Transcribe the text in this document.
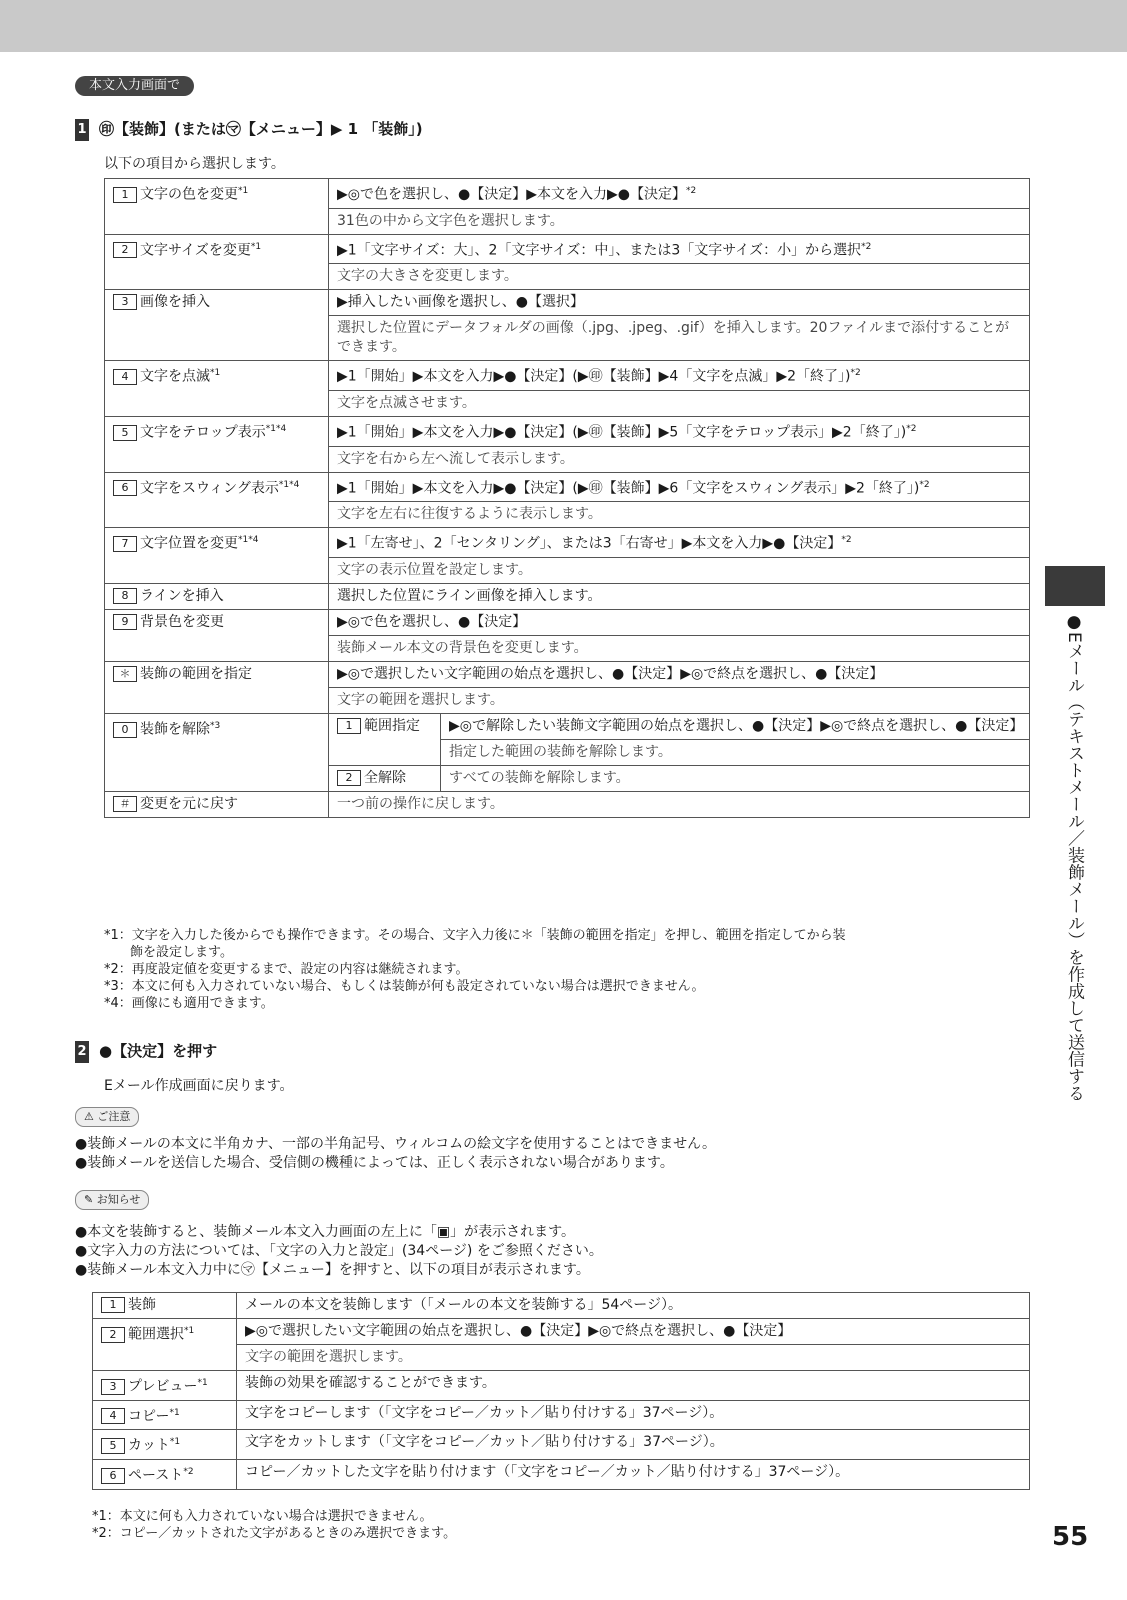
本文入力画面で
1 ㊞【装飾】(または㋮【メニュー】▶ 1 「装飾」)
以下の項目から選択します。
1 文字の色を変更$^{*1}$	▶◎で色を選択し、●【決定】▶本文を入力▶●【決定】$^{*2}$
	31色の中から文字色を選択します。	
2 文字サイズを変更$^{*1}$	▶1「文字サイズ：大」、2「文字サイズ：中」、または3「文字サイズ：小」から選択$^{*2}$
	文字の大きさを変更します。	
3 画像を挿入	▶挿入したい画像を選択し、●【選択】	
	選択した位置にデータフォルダの画像（.jpg、.jpeg、.gif）を挿入します。20ファイルまで添付することができます。	
4 文字を点滅$^{*1}$	▶1「開始」▶本文を入力▶●【決定】(▶㊞【装飾】▶4「文字を点滅」▶2「終了」)$^{*2}$
	文字を点滅させます。	
5 文字をテロップ表示$^{*1*4}$	▶1「開始」▶本文を入力▶●【決定】(▶㊞【装飾】▶5「文字をテロップ表示」▶2「終了」)$^{*2}$
	文字を右から左へ流して表示します。	
6 文字をスウィング表示$^{*1*4}$	▶1「開始」▶本文を入力▶●【決定】(▶㊞【装飾】▶6「文字をスウィング表示」▶2「終了」)$^{*2}$
	文字を左右に往復するように表示します。	
7 文字位置を変更$^{*1*4}$	▶1「左寄せ」、2「センタリング」、または3「右寄せ」▶本文を入力▶●【決定】$^{*2}$
	文字の表示位置を設定します。	
8 ラインを挿入	選択した位置にライン画像を挿入します。	
9 背景色を変更	▶◎で色を選択し、●【決定】	
	装飾メール本文の背景色を変更します。	
＊ 装飾の範囲を指定	▶◎で選択したい文字範囲の始点を選択し、●【決定】▶◎で終点を選択し、●【決定】	
	文字の範囲を選択します。	
0 装飾を解除$^{*3}$	1 範囲指定	▶◎で解除したい装飾文字範囲の始点を選択し、●【決定】▶◎で終点を選択し、●【決定】
		指定した範囲の装飾を解除します。
	2 全解除	すべての装飾を解除します。
＃ 変更を元に戻す	一つ前の操作に戻します。	
*1：文字を入力した後からでも操作できます。その場合、文字入力後に＊「装飾の範囲を指定」を押し、範囲を指定してから装
　　飾を設定します。
*2：再度設定値を変更するまで、設定の内容は継続されます。
*3：本文に何も入力されていない場合、もしくは装飾が何も設定されていない場合は選択できません。
*4：画像にも適用できます。
2 ●【決定】を押す
Eメール作成画面に戻ります。
⚠ ご注意
●装飾メールの本文に半角カナ、一部の半角記号、ウィルコムの絵文字を使用することはできません。
●装飾メールを送信した場合、受信側の機種によっては、正しく表示されない場合があります。
✎ お知らせ
●本文を装飾すると、装飾メール本文入力画面の左上に「▣」が表示されます。
●文字入力の方法については、「文字の入力と設定」(34ページ) をご参照ください。
●装飾メール本文入力中に㋮【メニュー】を押すと、以下の項目が表示されます。
1 装飾	メールの本文を装飾します（「メールの本文を装飾する」54ページ）。
2 範囲選択$^{*1}$	▶◎で選択したい文字範囲の始点を選択し、●【決定】▶◎で終点を選択し、●【決定】
	文字の範囲を選択します。
3 プレビュー$^{*1}$	装飾の効果を確認することができます。
4 コピー$^{*1}$	文字をコピーします（「文字をコピー／カット／貼り付けする」37ページ）。
5 カット$^{*1}$	文字をカットします（「文字をコピー／カット／貼り付けする」37ページ）。
6 ペースト$^{*2}$	コピー／カットした文字を貼り付けます（「文字をコピー／カット／貼り付けする」37ページ）。
*1：本文に何も入力されていない場合は選択できません。
*2：コピー／カットされた文字があるときのみ選択できます。
●Eメール（テキストメール／装飾メール）を作成して送信する
55
